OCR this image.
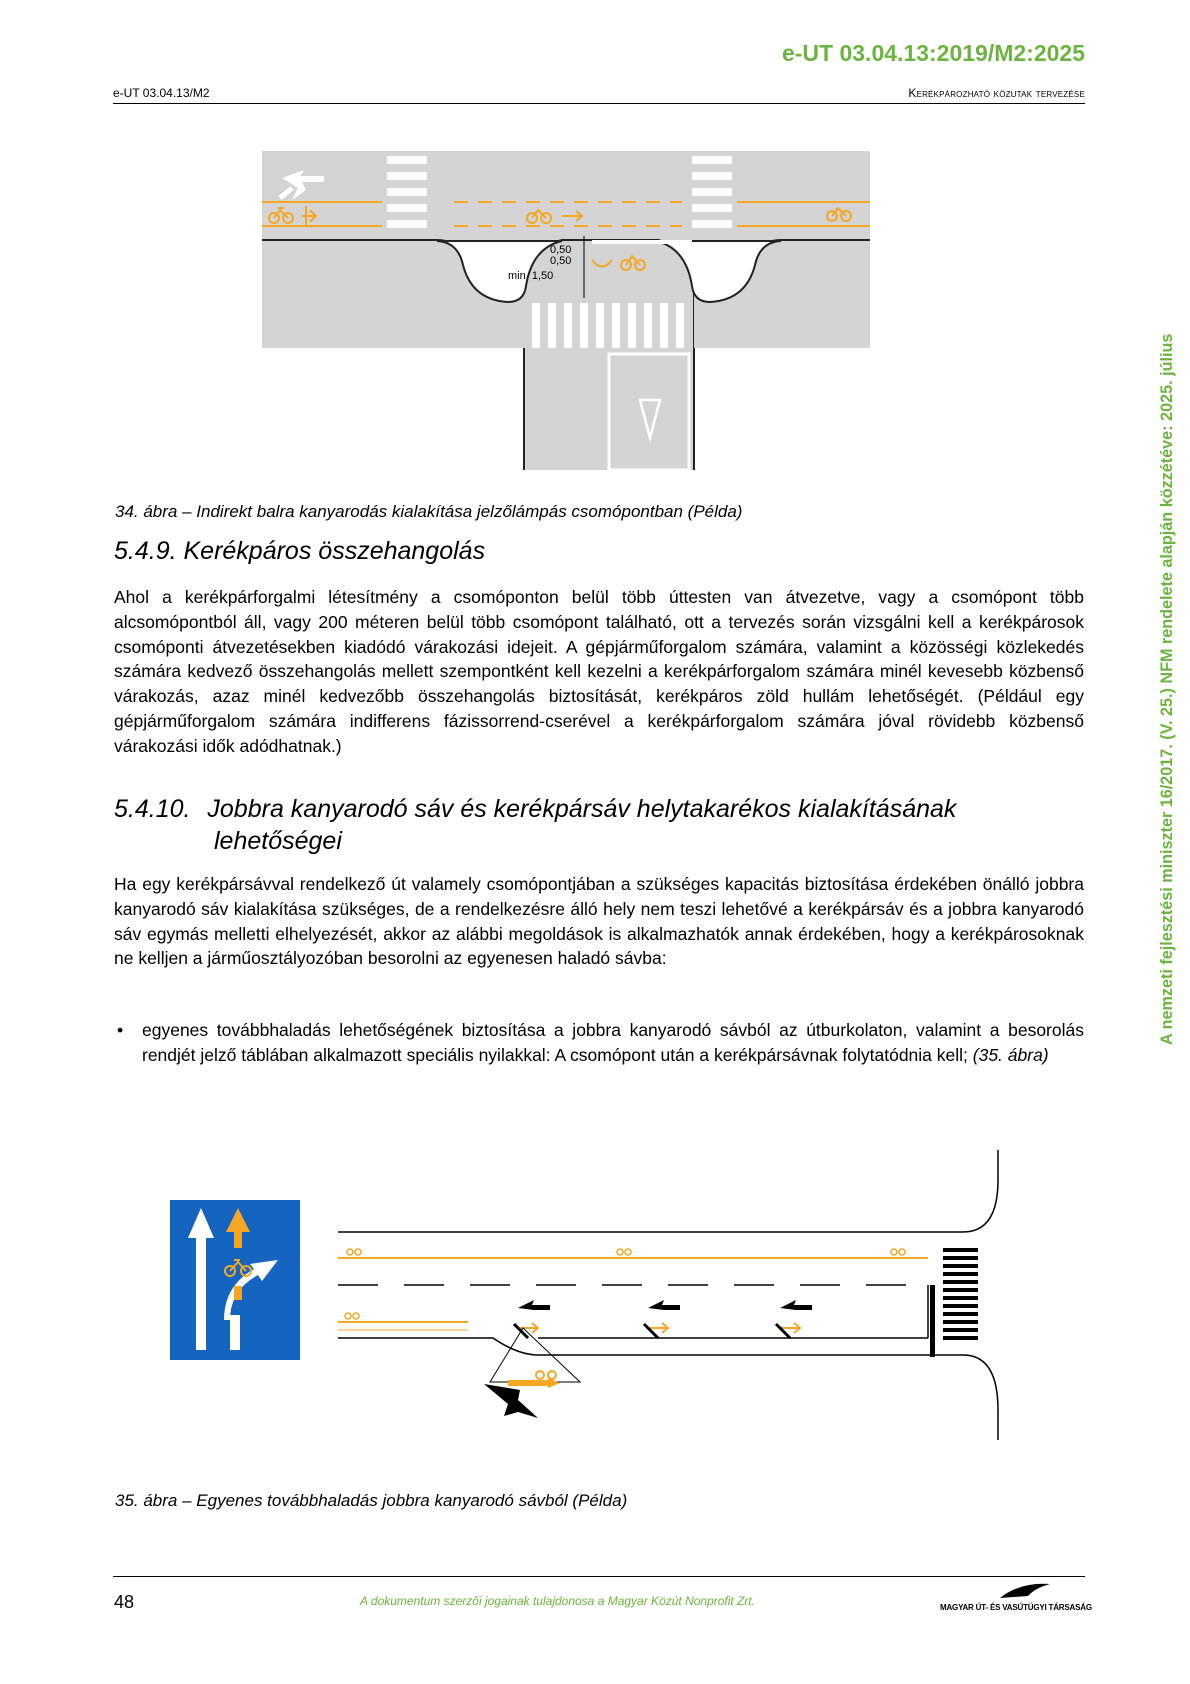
e-UT 03.04.13:2019/M2:2025
e-UT 03.04.13/M2	Kerékpározható közutak tervezése
A nemzeti fejlesztési miniszter 16/2017. (V. 25.) NFM rendelete alapján közzétéve: 2025. július
0,50
0,50
min. 1,50
34. ábra – Indirekt balra kanyarodás kialakítása jelzőlámpás csomópontban (Példa)
5.4.9. Kerékpáros összehangolás

Ahol a kerékpárforgalmi létesítmény a csomóponton belül több úttesten van átvezetve, vagy a csomópont több alcsomópontból áll, vagy 200 méteren belül több csomópont található, ott a tervezés során vizsgálni kell a kerékpárosok csomóponti átvezetésekben kiadódó várakozási idejeit. A gépjárműforgalom számára, valamint a közösségi közlekedés számára kedvező összehangolás mellett szempontként kell kezelni a kerékpárforgalom számára minél kevesebb közbenső várakozás, azaz minél kedvezőbb összehangolás biztosítását, kerékpáros zöld hullám lehetőségét. (Például egy gépjárműforgalom számára indifferens fázissorrend-cserével a kerékpárforgalom számára jóval rövidebb közbenső várakozási idők adódhatnak.)

5.4.10. Jobbra kanyarodó sáv és kerékpársáv helytakarékos kialakításának
lehetőségei

Ha egy kerékpársávval rendelkező út valamely csomópontjában a szükséges kapacitás biztosítása érdekében önálló jobbra kanyarodó sáv kialakítása szükséges, de a rendelkezésre álló hely nem teszi lehetővé a kerékpársáv és a jobbra kanyarodó sáv egymás melletti elhelyezését, akkor az alábbi megoldások is alkalmazhatók annak érdekében, hogy a kerékpárosoknak ne kelljen a járműosztályozóban besorolni az egyenesen haladó sávba:

• egyenes továbbhaladás lehetőségének biztosítása a jobbra kanyarodó sávból az útburkolaton, valamint a besorolás rendjét jelző táblában alkalmazott speciális nyilakkal: A csomópont után a kerékpársávnak folytatódnia kell; (35. ábra)
35. ábra – Egyenes továbbhaladás jobbra kanyarodó sávból (Példa)
48	A dokumentum szerzői jogainak tulajdonosa a Magyar Közút Nonprofit Zrt.	MAGYAR ÚT- ÉS VASÚTÜGYI TÁRSASÁG
